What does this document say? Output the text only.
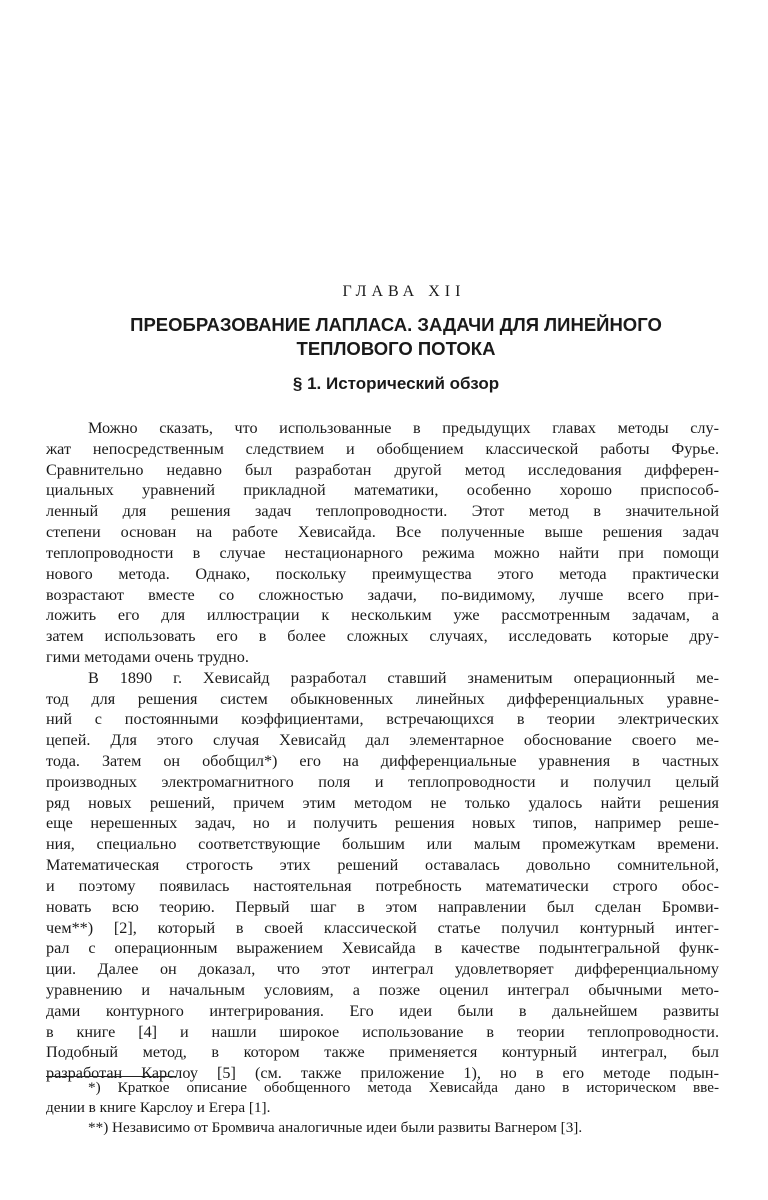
ГЛАВА XII
ПРЕОБРАЗОВАНИЕ ЛАПЛАСА. ЗАДАЧИ ДЛЯ ЛИНЕЙНОГО
ТЕПЛОВОГО ПОТОКА
§ 1. Исторический обзор
Можно сказать, что использованные в предыдущих главах методы слу-
жат непосредственным следствием и обобщением классической работы Фурье.
Сравнительно недавно был разработан другой метод исследования дифферен-
циальных уравнений прикладной математики, особенно хорошо приспособ-
ленный для решения задач теплопроводности. Этот метод в значительной
степени основан на работе Хевисайда. Все полученные выше решения задач
теплопроводности в случае нестационарного режима можно найти при помощи
нового метода. Однако, поскольку преимущества этого метода практически
возрастают вместе со сложностью задачи, по-видимому, лучше всего при-
ложить его для иллюстрации к нескольким уже рассмотренным задачам, а
затем использовать его в более сложных случаях, исследовать которые дру-
гими методами очень трудно.
В 1890 г. Хевисайд разработал ставший знаменитым операционный ме-
тод для решения систем обыкновенных линейных дифференциальных уравне-
ний с постоянными коэффициентами, встречающихся в теории электрических
цепей. Для этого случая Хевисайд дал элементарное обоснование своего ме-
тода. Затем он обобщил*) его на дифференциальные уравнения в частных
производных электромагнитного поля и теплопроводности и получил целый
ряд новых решений, причем этим методом не только удалось найти решения
еще нерешенных задач, но и получить решения новых типов, например реше-
ния, специально соответствующие большим или малым промежуткам времени.
Математическая строгость этих решений оставалась довольно сомнительной,
и поэтому появилась настоятельная потребность математически строго обос-
новать всю теорию. Первый шаг в этом направлении был сделан Бромви-
чем**) [2], который в своей классической статье получил контурный интег-
рал с операционным выражением Хевисайда в качестве подынтегральной функ-
ции. Далее он доказал, что этот интеграл удовлетворяет дифференциальному
уравнению и начальным условиям, а позже оценил интеграл обычными мето-
дами контурного интегрирования. Его идеи были в дальнейшем развиты
в книге [4] и нашли широкое использование в теории теплопроводности.
Подобный метод, в котором также применяется контурный интеграл, был
разработан Карслоу [5] (см. также приложение 1), но в его методе подын-
*) Краткое описание обобщенного метода Хевисайда дано в историческом вве-
дении в книге Карслоу и Егера [1].
**) Независимо от Бромвича аналогичные идеи были развиты Вагнером [3].
